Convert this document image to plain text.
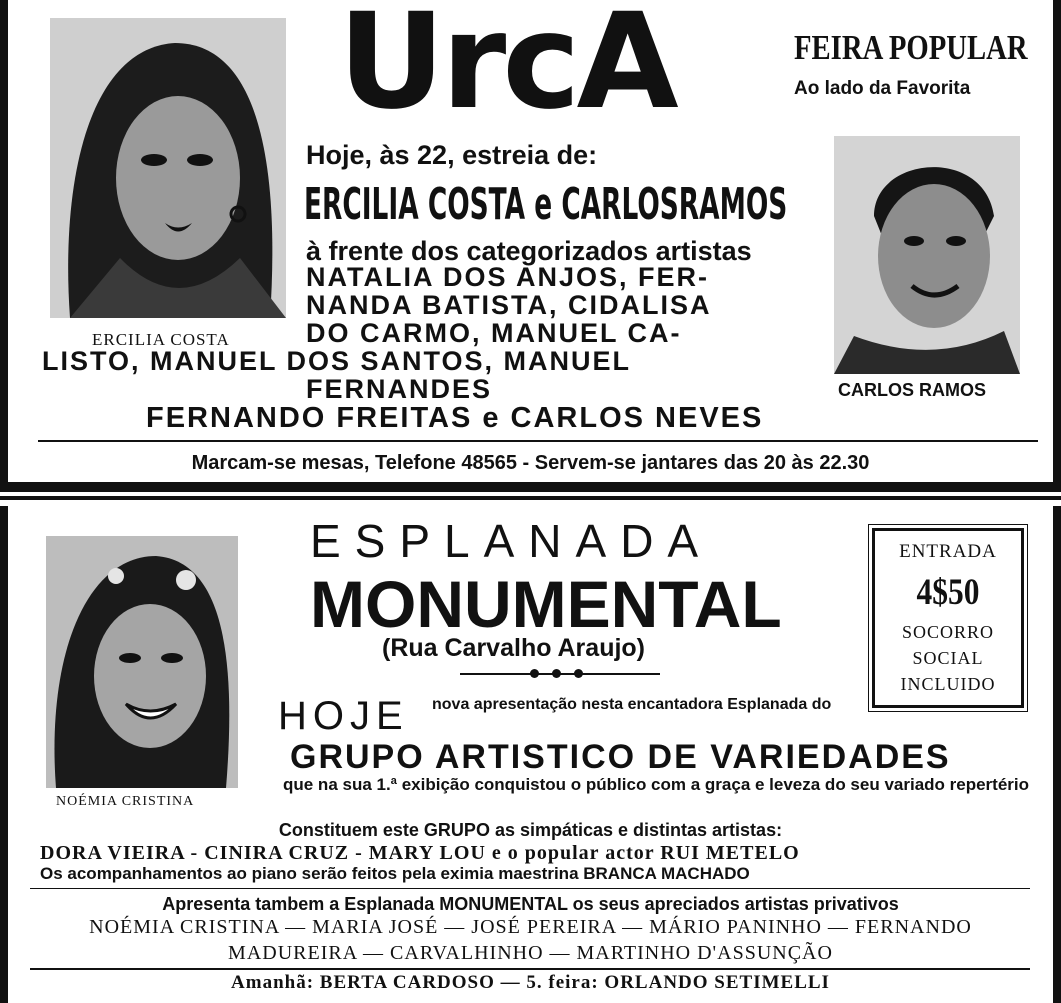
UrcA	FEIRA POPULAR
Ao lado da Favorita
Hoje, às 22, estreia de:
ERCILIA COSTA e CARLOSRAMOS
à frente dos categorizados artistas
NATALIA DOS ANJOS, FER-
NANDA BATISTA, CIDALISA
DO CARMO, MANUEL CA-
LISTO, MANUEL DOS SANTOS, MANUEL
FERNANDES
ERCILIA COSTA
CARLOS RAMOS
FERNANDO FREITAS e CARLOS NEVES
Marcam-se mesas, Telefone 48565 - Servem-se jantares das 20 às 22.30
NOÉMIA CRISTINA
ESPLANADA
MONUMENTAL
(Rua Carvalho Araujo)
ENTRADA
4$50
SOCORRO
SOCIAL
INCLUIDO
HOJE nova apresentação nesta encantadora Esplanada do
GRUPO ARTISTICO DE VARIEDADES
que na sua 1.ª exibição conquistou o público com a graça e leveza do seu variado repertério
Constituem este GRUPO as simpáticas e distintas artistas:
DORA VIEIRA - CINIRA CRUZ - MARY LOU e o popular actor RUI METELO
Os acompanhamentos ao piano serão feitos pela eximia maestrina BRANCA MACHADO
Apresenta tambem a Esplanada MONUMENTAL os seus apreciados artistas privativos
NOÉMIA CRISTINA — MARIA JOSÉ — JOSÉ PEREIRA — MÁRIO PANINHO — FERNANDO
MADUREIRA — CARVALHINHO — MARTINHO D'ASSUNÇÃO
Amanhã: BERTA CARDOSO — 5. feira: ORLANDO SETIMELLI
